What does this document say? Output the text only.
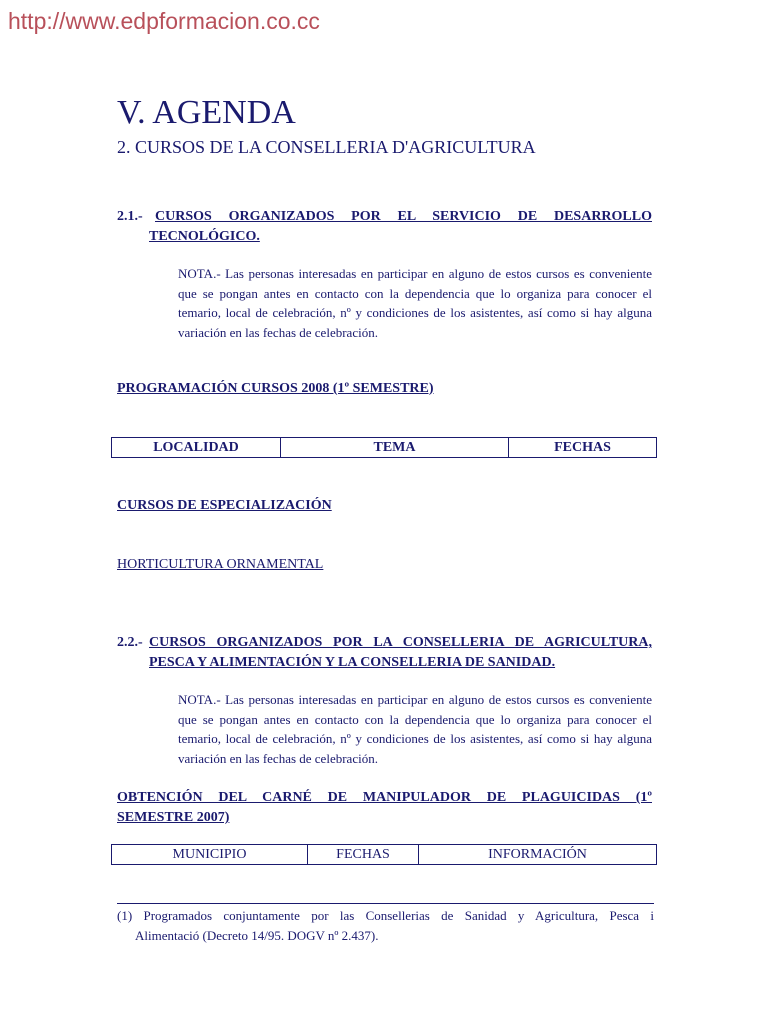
http://www.edpformacion.co.cc
V. AGENDA
2. CURSOS DE LA CONSELLERIA D'AGRICULTURA
2.1.- CURSOS ORGANIZADOS POR EL SERVICIO DE DESARROLLO
TECNOLÓGICO.
NOTA.- Las personas interesadas en participar en alguno de estos cursos es conveniente que se pongan antes en contacto con la dependencia que lo organiza para conocer el temario, local de celebración, nº y condiciones de los asistentes, así como si hay alguna variación en las fechas de celebración.
PROGRAMACIÓN CURSOS 2008 (1º SEMESTRE)
LOCALIDAD	TEMA	FECHAS
CURSOS DE ESPECIALIZACIÓN
HORTICULTURA ORNAMENTAL
2.2.- CURSOS ORGANIZADOS POR LA CONSELLERIA DE AGRICULTURA,
PESCA Y ALIMENTACIÓN Y LA CONSELLERIA DE SANIDAD.
NOTA.- Las personas interesadas en participar en alguno de estos cursos es conveniente que se pongan antes en contacto con la dependencia que lo organiza para conocer el temario, local de celebración, nº y condiciones de los asistentes, así como si hay alguna variación en las fechas de celebración.
OBTENCIÓN DEL CARNÉ DE MANIPULADOR DE PLAGUICIDAS (1º
SEMESTRE 2007)
MUNICIPIO	FECHAS	INFORMACIÓN
(1) Programados conjuntamente por las Consellerias de Sanidad y Agricultura, Pesca i
Alimentació (Decreto 14/95. DOGV nº 2.437).
